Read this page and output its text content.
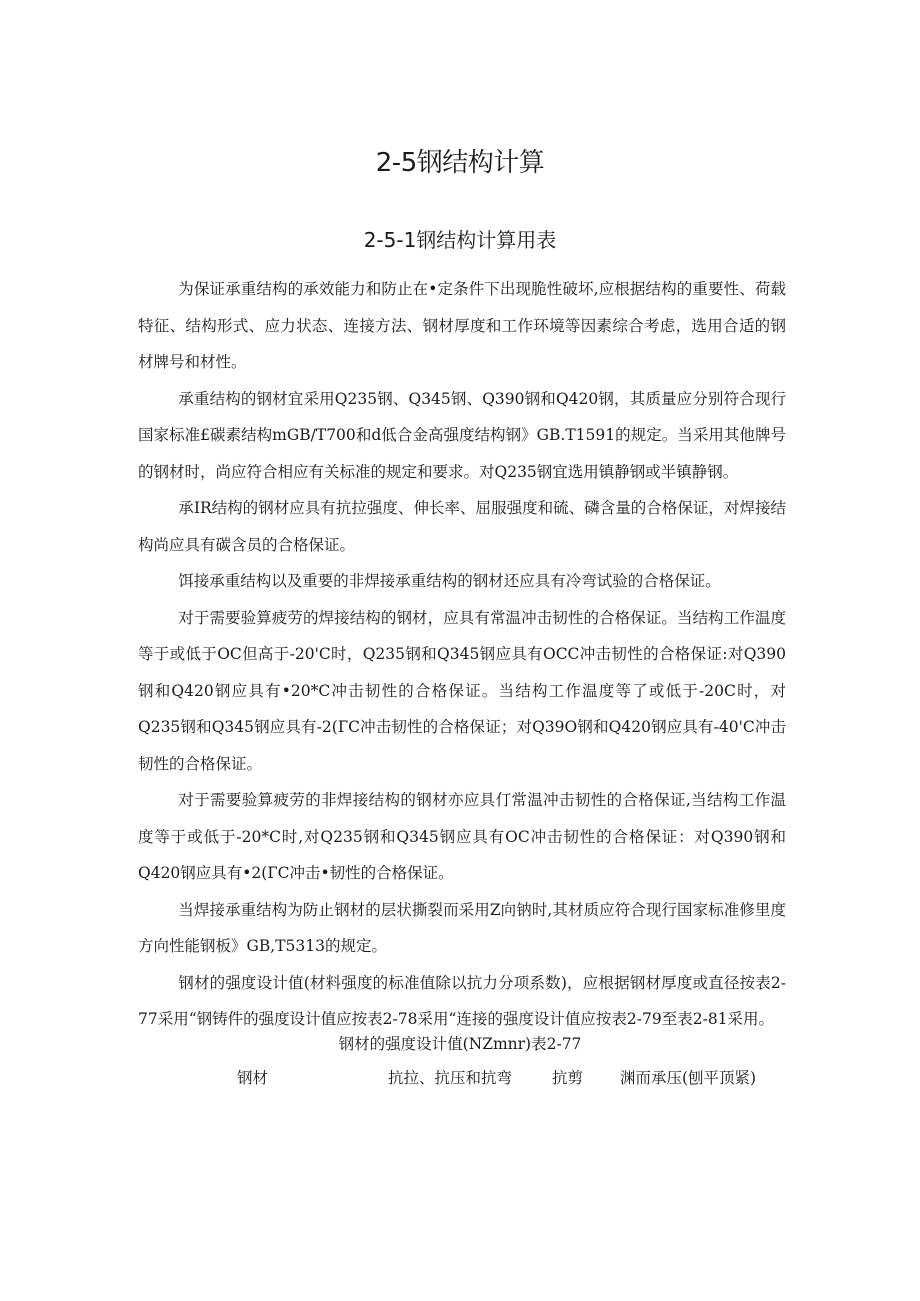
2-5钢结构计算
2-5-1钢结构计算用表

为保证承重结构的承效能力和防止在•定条件下出现脆性破坏,应根据结构的重要性、荷载特征、结构形式、应力状态、连接方法、钢材厚度和工作环境等因素综合考虑，选用合适的钢材牌号和材性。

承重结构的钢材宜采用Q235钢、Q345钢、Q390钢和Q420钢，其质量应分别符合现行国家标准£碳素结构mGB/T700和d低合金高强度结构钢》GB.T1591的规定。当采用其他牌号的钢材时，尚应符合相应有关标准的规定和要求。对Q235钢宜选用镇静钢或半镇静钢。

承IR结构的钢材应具有抗拉强度、伸长率、屈服强度和硫、磷含量的合格保证，对焊接结构尚应具有碳含员的合格保证。

饵接承重结构以及重要的非焊接承重结构的钢材还应具有冷弯试验的合格保证。

对于需要验算疲劳的焊接结构的钢材，应具有常温冲击韧性的合格保证。当结构工作温度等于或低于OC但高于-20'C时，Q235钢和Q345钢应具有OCC冲击韧性的合格保证:对Q390钢和Q420钢应具有•20*C冲击韧性的合格保证。当结构工作温度等了或低于-20C时，对Q235钢和Q345钢应具有-2(ГC冲击韧性的合格保证；对Q39O钢和Q420钢应具有-40'C冲击韧性的合格保证。

对于需要验算疲劳的非焊接结构的钢材亦应具仃常温冲击韧性的合格保证,当结构工作温度等于或低于-20*C时,对Q235钢和Q345钢应具有OC冲击韧性的合格保证：对Q390钢和Q420钢应具有•2(ГC冲击•韧性的合格保证。

当焊接承重结构为防止钢材的层状撕裂而采用Z向钠时,其材质应符合现行国家标准修里度方向性能钢板》GB,T5313的规定。

钢材的强度设计值(材料强度的标准值除以抗力分项系数)，应根据钢材厚度或直径按表2-77采用“钢铸件的强度设计值应按表2-78采用“连接的强度设计值应按表2-79至表2-81采用。

钢材的强度设计值(NZmnr)表2-77
钢材	抗拉、抗压和抗弯	抗剪 渊而承压(刨平顶紧)
